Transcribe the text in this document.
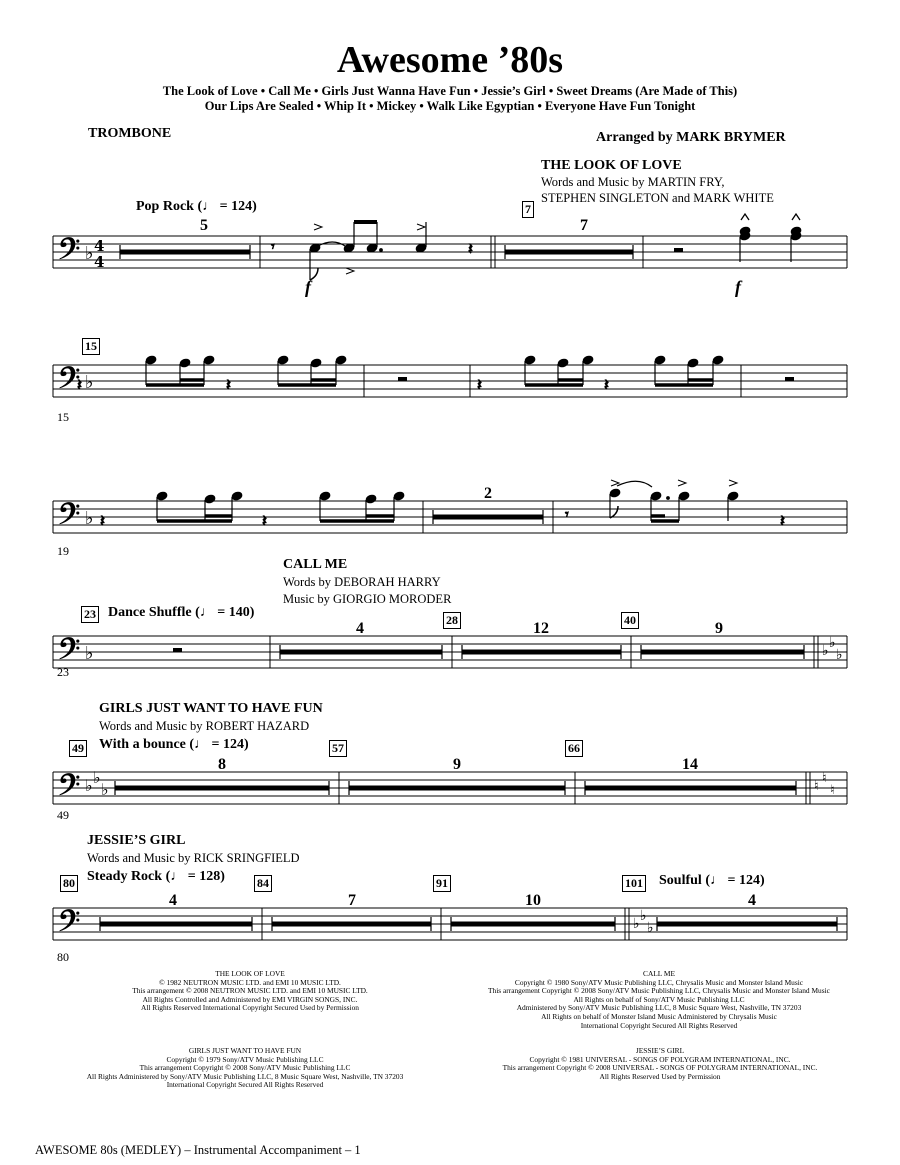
Awesome ’80s
The Look of Love • Call Me • Girls Just Wanna Have Fun • Jessie’s Girl • Sweet Dreams (Are Made of This)
Our Lips Are Sealed • Whip It • Mickey • Walk Like Egyptian • Everyone Have Fun Tonight
TROMBONE	Arranged by MARK BRYMER
THE LOOK OF LOVE
Words and Music by MARTIN FRY,
STEPHEN SINGLETON and MARK WHITE
CALL ME
Words by DEBORAH HARRY
Music by GIORGIO MORODER
GIRLS JUST WANT TO HAVE FUN
Words and Music by ROBERT HAZARD
JESSIE’S GIRL
Words and Music by RICK SRINGFIELD
Pop Rock (♩ = 124)
Dance Shuffle (♩ = 140)
With a bounce (♩ = 124)
Steady Rock (♩ = 128)	Soulful (♩ = 124)
7
15
23	28	40
49	57	66
80	84	91	101
15
19
23
49
80
♭ 4
4
♭
♭
♭	♭ ♭
♭
♭ ♭
♭	♮
♮
♮
♭ ♭
♭
𝄾	𝄽
𝄽	𝄽	𝄽	𝄽
𝄽	𝄽	𝄾	𝄽
5	7
2
4	12	9
8	9	14
4	7	10	4
f	f
THE LOOK OF LOVE
© 1982 NEUTRON MUSIC LTD. and EMI 10 MUSIC LTD.
This arrangement © 2008 NEUTRON MUSIC LTD. and EMI 10 MUSIC LTD.
All Rights Controlled and Administered by EMI VIRGIN SONGS, INC.
All Rights Reserved International Copyright Secured Used by Permission
CALL ME
Copyright © 1980 Sony/ATV Music Publishing LLC, Chrysalis Music and Monster Island Music
This arrangement Copyright © 2008 Sony/ATV Music Publishing LLC, Chrysalis Music and Monster Island Music
All Rights on behalf of Sony/ATV Music Publishing LLC
Administered by Sony/ATV Music Publishing LLC, 8 Music Square West, Nashville, TN 37203
All Rights on behalf of Monster Island Music Administered by Chrysalis Music
International Copyright Secured All Rights Reserved
GIRLS JUST WANT TO HAVE FUN
Copyright © 1979 Sony/ATV Music Publishing LLC
This arrangement Copyright © 2008 Sony/ATV Music Publishing LLC
All Rights Administered by Sony/ATV Music Publishing LLC, 8 Music Square West, Nashville, TN 37203
International Copyright Secured All Rights Reserved
JESSIE’S GIRL
Copyright © 1981 UNIVERSAL - SONGS OF POLYGRAM INTERNATIONAL, INC.
This arrangement Copyright © 2008 UNIVERSAL - SONGS OF POLYGRAM INTERNATIONAL, INC.
All Rights Reserved Used by Permission
AWESOME 80s (MEDLEY) – Instrumental Accompaniment – 1
